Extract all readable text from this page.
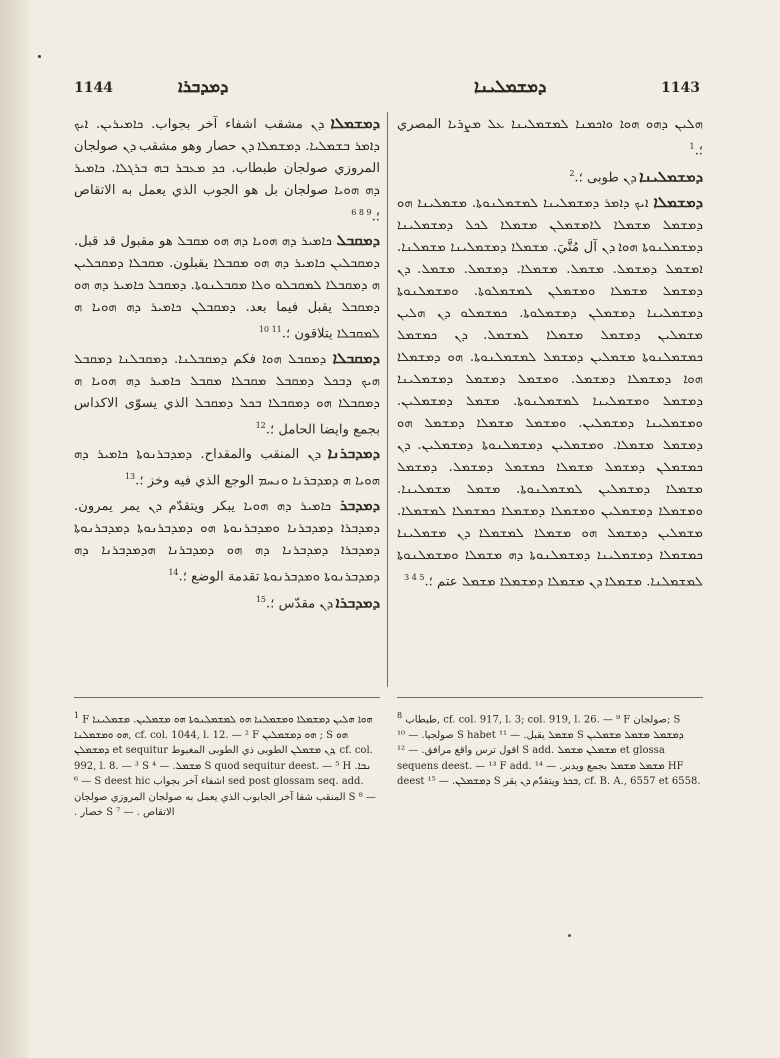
1144	ܕܡܕܒܪܐ	ܕܡܫܡܠܝܢܐ	1143

ܕܡܫܡܠܐ ܕܢ مشقب اشفاء آخر بجواب. ܟܐܡܝܪܝܢ. ܐܝܟ ܕܐܡܪ ܒܫܡܠܝܐ. ܕܡܫܡܠܐ ܕܢ حصار وهو مشقب ܕܢ صولجان المروزي صولجان طبطاب. ܟܕ ܡܥܒܪ ܒܗ ܒܪܓܠܐ. ܟܐܡܝܪ ܕܗ ܗܘܝܐ صولجان بل هو الجوب الذي يعمل به الاتقاص ؛.$^{6 8 9}$

ܕܡܩܒܠ ܟܐܡܝܪ ܕܗ ܗܘܝܐ ܕܗ ܗܘ ܡܩܒܠ هو مقبول قد قبل. ܕܡܩܒܠܝܢ ܟܐܡܝܪ ܕܗ ܗܘ ܡܩܒܠܐ يقبلون. ܡܩܒܠܐ ܕܡܩܒܠܝܢ ܗ ܕܡܩܒܠܐ ܠܡܩܒܠܘ ܘܠܐ ܡܩܒܠܢܘܬܐ. ܕܡܩܒܠ ܟܐܡܝܪ ܕܗ ܗܘ ܕܡܩܒܠ يقبل فيما بعد. ܕܡܩܒܠܢ ܟܐܡܝܪ ܕܗ ܗܘܝܐ ܗ ܠܡܩܒܠܐ يتلاقون ؛.$^{10 11}$

ܕܡܩܒܠܐ ܕܡܩܒܠ ܗܘܐ فكم ܕܡܩܒܠܢܐ. ܕܡܩܒܠܢܐ ܕܡܩܒܠ ܗܝܟ ܕܒܟܠ ܕܡܩܒܠ ܡܩܒܠܐ ܡܩܒܠ ܟܐܡܝܪ ܕܗ ܗܘܝܐ ܗ ܕܡܩܒܠܐ ܗܘ ܕܡܩܒܠܐ ܒܟܠ ܕܡܩܒܠ الذي يسوّى الاكداس بجمع وايضا الحامل ؛.$^{12}$

ܕܡܕܒܪܢܐ ܕܢ المنقب والمقداح. ܕܡܕܒܪܢܘܬܐ ܟܐܡܝܪ ܕܗ ܗܘܝܐ ܗ ܕܡܕܒܪܢܐ ܘܢܚܡ الوجع الذي فيه وخز ؛.$^{13}$

ܕܡܕܒܪ ܟܐܡܝܪ ܕܗ ܗܘܝܐ يبكر ويتقدّم ܕܢ يمر يمرون. ܕܡܕܒܪܐ ܕܡܕܒܪܢܐ ܘܡܕܒܪܢܘܬܐ ܗܘ ܕܡܕܒܪܢܘܬܐ ܕܡܕܒܪܢܘܬܐ ܕܡܕܒܪܐ ܕܡܕܒܪܢܐ ܕܗ ܗܘ ܕܡܕܒܪܢܐ ܗܕܡܕܒܪܢܐ ܕܗ ܕܡܕܒܪܢܘܬܐ ܘܡܕܒܪܢܘܬܐ تقدمة الوضع ؛.$^{14}$

ܕܡܕܒܪܐ ܕܢ مقدّس ؛.$^{15}$

ܗܠܝܢ ܕܗܘ ܗܘܐ ܘܐܟܡܢܐ ܠܡܫܡܠܝܢܐ ܥܠ ܡܨܪܝܐ المصري ؛.$^1$

ܕܡܫܡܠܝܢܐ ܕܢ طوبى ؛.$^2$

ܕܡܫܡܠܐ ܐܝܟ ܕܐܡܪ ܕܡܫܡܠܝܢܐ ܠܡܫܡܠܢܘܬܐ. ܡܫܡܠܝܢܐ ܗܘ ܕܡܫܡܠ ܡܫܡܠܐ ܠܐܡܫܡܠܢ ܡܫܡܠܐ ܠܟܠ ܕܡܫܡܠܝܢܐ ܕܡܫܡܠܢܘܬܐ ܗܘܐ ܕܢ آل مُتَّيَ. ܡܫܡܠܐ ܕܡܫܡܠܝܢܐ ܡܫܡܠܢܐ. ܐܡܫܡܠ ܕܡܫܡܠ. ܡܫܡܠ. ܡܫܡܠܐ. ܕܡܫܡܠ. ܡܫܡܠ. ܕܢ ܕܡܫܡܠ ܡܫܡܠܐ ܘܡܫܡܠܢ ܠܡܫܡܠܘܬܐ. ܘܡܫܡܠܢܘܬܐ ܕܡܫܡܠܝܢܐ ܕܡܫܡܠܢ ܕܡܫܡܠܘܬܐ. ܟܡܫܡܠܘ ܕܢ ܗܠܝܢ ܡܫܡܠܝܢ ܕܡܫܡܠ ܡܫܡܠܐ ܠܡܫܡܠ. ܕܢ ܟܡܫܡܠ ܟܡܫܡܠܢܘܬܐ ܡܫܡܠܝܢ ܕܡܫܡܠ ܠܡܫܡܠܢܘܬܐ. ܗܘ ܕܡܫܡܠܐ ܗܘܐ ܕܡܫܡܠܐ ܕܡܫܡܠ. ܘܡܫܡܠ ܕܡܫܡܠ ܕܡܫܡܠܝܢܐ ܕܡܫܡܠ ܘܡܫܡܠܝܢܐ ܠܡܫܡܠܢܘܬܐ. ܡܫܡܠ ܕܡܫܡܠܝܢ. ܘܡܫܡܠܝܢܐ ܕܡܫܡܠܝܢ. ܘܡܫܡܠ ܡܫܡܠܐ ܕܡܫܡܠ ܗܘ ܕܡܫܡܠ ܡܫܡܠܐ. ܘܡܫܡܠܝܢ ܕܡܫܡܠܢܘܬܐ ܕܡܫܡܠܝܢ. ܕܢ ܟܡܫܡܠܢ ܕܡܫܡܠ ܡܫܡܠܐ ܟܡܫܡܠ ܕܡܫܡܠ. ܕܡܫܡܠ ܡܫܡܠܐ ܕܡܫܡܠܝܢ ܠܡܫܡܠܢܘܬܐ. ܡܫܡܠ ܡܫܡܠܝܢܐ. ܘܡܫܡܠܐ ܕܡܫܡܠܝܢ ܘܡܫܡܠܐ ܕܡܫܡܠܐ ܟܡܫܡܠܐ ܠܡܫܡܠܐ. ܡܫܡܠܝܢ ܕܡܫܡܠ ܗܘ ܡܫܡܠܐ ܠܡܫܡܠܐ ܕܢ ܡܫܡܠܝܢܐ ܟܡܫܡܠܐ ܕܡܫܡܠܝܢܐ ܕܡܫܡܠܢܘܬܐ ܕܗ ܡܫܡܠܐ ܘܡܫܡܠܢܘܬܐ ܠܡܫܡܠܢܐ. ܡܫܡܠܐ ܕܢ ܡܫܡܠܐ ܕܡܫܡܠܐ ܡܫܡܠ عتم ؛.$^{3 4 5}$

$^1$ F ܗܘܐ ܗܠܝܢ ܕܡܫܡܠܐ ܘܡܫܡܠܢܐ ܗܘ ܠܡܫܡܠܢܘܬܐ ܗܘ ܡܫܡܠܝܢ. ܡܫܡܠܝܢܐ ܗܘ ܘܡܫܡܠܢܐ, cf. col. 1044, l. 12. — ² F ܗܘ ܕܡܫܡܠܝܢ ; S ܗܘ ܕܡܫܡܠܢ et sequitur ܕܢ ܡܫܡܠܢ الطوبى ذي الطوبى المغبوط, cf. col. 992, l. 8. — ³ S ܡܫܡܠ. — ⁴ S quod sequitur deest. — ⁵ H ܢܒܐ. — ⁶ S deest hic اشفاء آخر بجواب sed post glossam seq. add. المنقب شفا آخر الجابوب الذي يعمل به صولجان المروزي صولجان S ⁸ — . خصار S ⁷ — . الاتقاص

$^8$ طبطاب, cf. col. 917, l. 3; col. 919, l. 26. — ⁹ F صولجان; S صولجيا. — ¹⁰ S habet ܡܫܡܠ يقبل. — ¹¹ S ܕܡܫܡܠ ܡܫܡܠ ܡܫܡܠܝܢ اقول ترس واقع مرافق. — ¹² S add. ܡܫܡܠܢ ܡܫܡܠ et glossa sequens deest. — ¹³ F add. ܡܫܡܠ ܡܫܡܠ بجمع ويدبر. — ¹⁴ HF deest ܕܡܫܡܠܢ. — ¹⁵ S ܒܟܪ ويتقدّم ܕܢ يقر, cf. B. A., 6557 et 6558.
